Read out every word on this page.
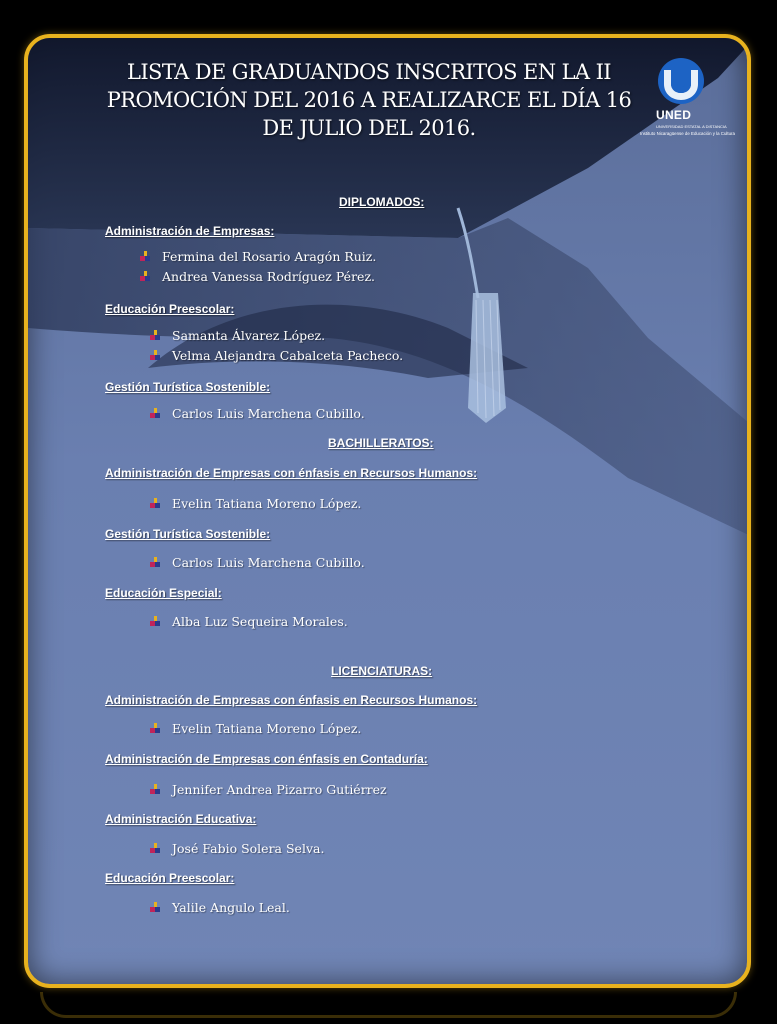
LISTA DE GRADUANDOS INSCRITOS EN LA II PROMOCIÓN DEL 2016 A REALIZARCE EL DÍA 16 DE JULIO DEL 2016.
UNED
UNIVERSIDAD ESTATAL A DISTANCIA
Instituto Nicaragüense de Educación y la Cultura
DIPLOMADOS:
Administración de Empresas:
Fermina del Rosario Aragón Ruiz.
Andrea Vanessa Rodríguez Pérez.
Educación Preescolar:
Samanta Álvarez López.
Velma Alejandra Cabalceta Pacheco.
Gestión Turística Sostenible:
Carlos Luis Marchena Cubillo.
BACHILLERATOS:
Administración de Empresas con énfasis en Recursos Humanos:
Evelin Tatiana Moreno López.
Gestión Turística Sostenible:
Carlos Luis Marchena Cubillo.
Educación Especial:
Alba Luz Sequeira Morales.
LICENCIATURAS:
Administración de Empresas con énfasis en Recursos Humanos:
Evelin Tatiana Moreno López.
Administración de Empresas con énfasis en Contaduría:
Jennifer Andrea Pizarro Gutiérrez
Administración Educativa:
José Fabio Solera Selva.
Educación Preescolar:
Yalile Angulo Leal.
